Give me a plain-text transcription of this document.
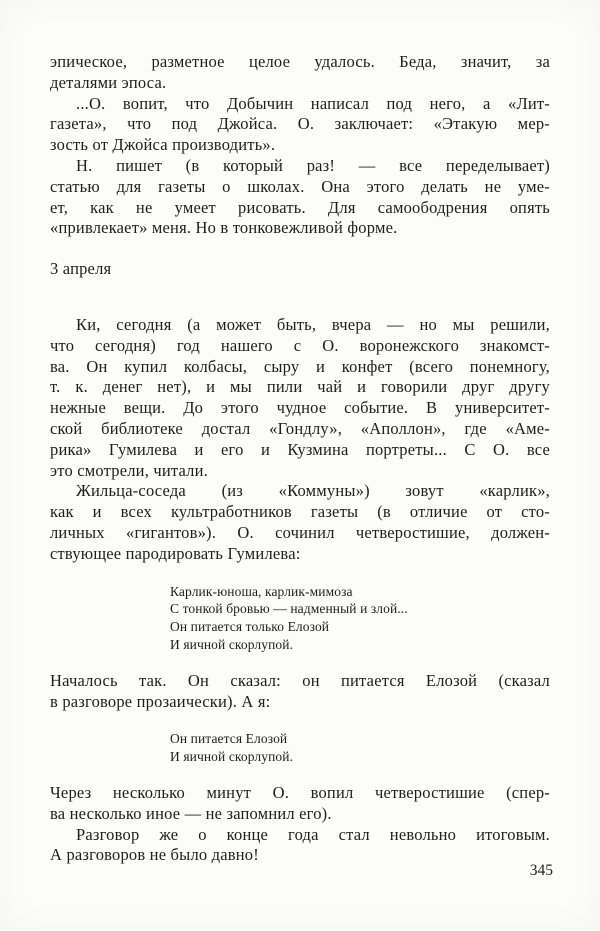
эпическое, разметное целое удалось. Беда, значит, за
деталями эпоса.
...О. вопит, что Добычин написал под него, а «Лит-
газета», что под Джойса. О. заключает: «Этакую мер-
зость от Джойса производить».
Н. пишет (в который раз! — все переделывает)
статью для газеты о школах. Она этого делать не уме-
ет, как не умеет рисовать. Для самоободрения опять
«привлекает» меня. Но в тонковежливой форме.
3 апреля
Ки, сегодня (а может быть, вчера — но мы решили,
что сегодня) год нашего с О. воронежского знакомст-
ва. Он купил колбасы, сыру и конфет (всего понемногу,
т. к. денег нет), и мы пили чай и говорили друг другу
нежные вещи. До этого чудное событие. В университет-
ской библиотеке достал «Гондлу», «Аполлон», где «Аме-
рика» Гумилева и его и Кузмина портреты... С О. все
это смотрели, читали.
Жильца-соседа (из «Коммуны») зовут «карлик»,
как и всех культработников газеты (в отличие от сто-
личных «гигантов»). О. сочинил четверостишие, должен-
ствующее пародировать Гумилева:
Карлик-юноша, карлик-мимоза
С тонкой бровью — надменный и злой...
Он питается только Елозой
И яичной скорлупой.
Началось так. Он сказал: он питается Елозой (сказал
в разговоре прозаически). А я:
Он питается Елозой
И яичной скорлупой.
Через несколько минут О. вопил четверостишие (спер-
ва несколько иное — не запомнил его).
Разговор же о конце года стал невольно итоговым.
А разговоров не было давно!
345
